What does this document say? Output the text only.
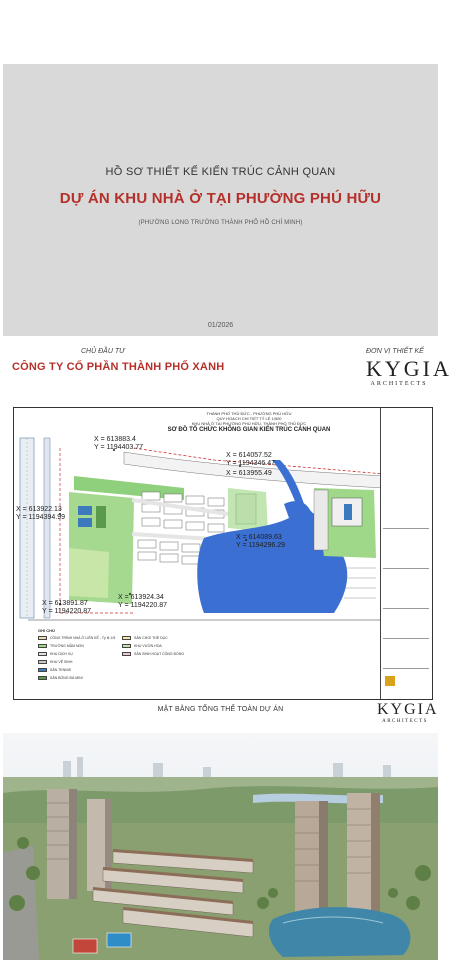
HỒ SƠ THIẾT KẾ KIẾN TRÚC CẢNH QUAN
DỰ ÁN KHU NHÀ Ở TẠI PHƯỜNG PHÚ HỮU
(PHƯỜNG LONG TRƯỜNG THÀNH PHỐ HỒ CHÍ MINH)
01/2026
CHỦ ĐẦU TƯ
CÔNG TY CỔ PHẦN THÀNH PHỐ XANH
ĐƠN VỊ THIẾT KẾ
KYGIA
ARCHITECTS
THÀNH PHỐ THỦ ĐỨC - PHƯỜNG PHÚ HỮU
QUY HOẠCH CHI TIẾT TỶ LỆ 1/500
KHU NHÀ Ở TẠI PHƯỜNG PHÚ HỮU, THÀNH PHỐ THỦ ĐỨC
SƠ ĐỒ TỔ CHỨC KHÔNG GIAN KIẾN TRÚC CẢNH QUAN
X = 613883.4
Y = 1194403.77
X = 614057.52
Y = 1194346.47
X = 613955.49
X = 613922.13
Y = 1194394.99
X = 614089.63
Y = 1194296.29
X = 613924.34
Y = 1194220.87
X = 613891.87
Y = 1194220.87
GHI CHÚ
CÔNG TRÌNH NHÀ Ở LIÊN KẾ - Tỷ lệ 1/5
TRƯỜNG MẦM NON
KHU DỊCH VỤ
KHU VỆ SINH
SÂN TENNIS
SÂN BÓNG ĐÁ MINI
SÂN CHƠI THỂ DỤC
KHU VƯỜN HOA
SÂN SINH HOẠT CỘNG ĐỒNG
MẶT BẰNG TỔNG THỂ TOÀN DỰ ÁN	KYGIA
ARCHITECTS
